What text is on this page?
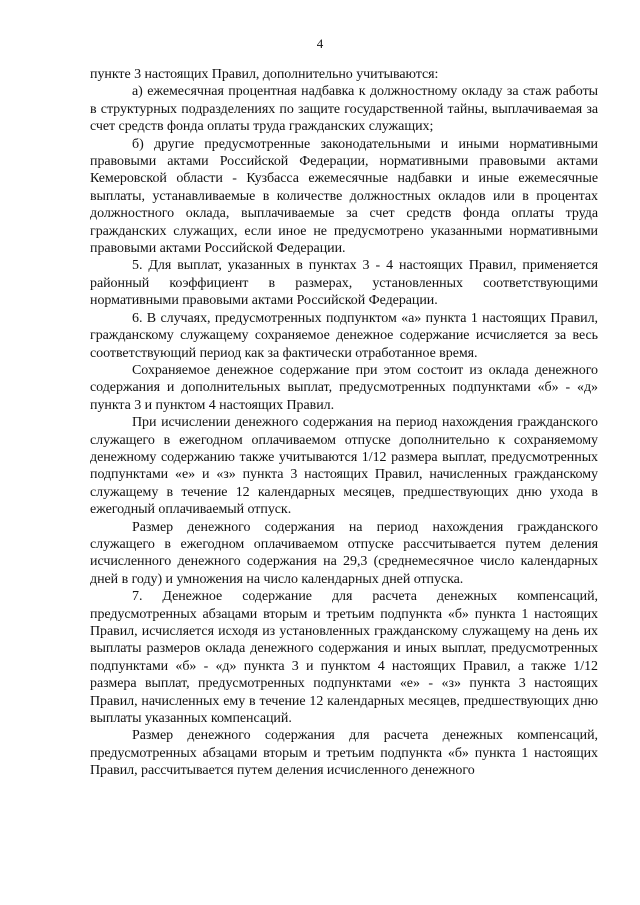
4

пункте 3 настоящих Правил, дополнительно учитываются:

а) ежемесячная процентная надбавка к должностному окладу за стаж работы в структурных подразделениях по защите государственной тайны, выплачиваемая за счет средств фонда оплаты труда гражданских служащих;

б) другие предусмотренные законодательными и иными нормативными правовыми актами Российской Федерации, нормативными правовыми актами Кемеровской области - Кузбасса ежемесячные надбавки и иные ежемесячные выплаты, устанавливаемые в количестве должностных окладов или в процентах должностного оклада, выплачиваемые за счет средств фонда оплаты труда гражданских служащих, если иное не предусмотрено указанными нормативными правовыми актами Российской Федерации.

5. Для выплат, указанных в пунктах 3 - 4 настоящих Правил, применяется районный коэффициент в размерах, установленных соответствующими нормативными правовыми актами Российской Федерации.

6. В случаях, предусмотренных подпунктом «а» пункта 1 настоящих Правил, гражданскому служащему сохраняемое денежное содержание исчисляется за весь соответствующий период как за фактически отработанное время.

Сохраняемое денежное содержание при этом состоит из оклада денежного содержания и дополнительных выплат, предусмотренных подпунктами «б» - «д» пункта 3 и пунктом 4 настоящих Правил.

При исчислении денежного содержания на период нахождения гражданского служащего в ежегодном оплачиваемом отпуске дополнительно к сохраняемому денежному содержанию также учитываются 1/12 размера выплат, предусмотренных подпунктами «е» и «з» пункта 3 настоящих Правил, начисленных гражданскому служащему в течение 12 календарных месяцев, предшествующих дню ухода в ежегодный оплачиваемый отпуск.

Размер денежного содержания на период нахождения гражданского служащего в ежегодном оплачиваемом отпуске рассчитывается путем деления исчисленного денежного содержания на 29,3 (среднемесячное число календарных дней в году) и умножения на число календарных дней отпуска.

7. Денежное содержание для расчета денежных компенсаций, предусмотренных абзацами вторым и третьим подпункта «б» пункта 1 настоящих Правил, исчисляется исходя из установленных гражданскому служащему на день их выплаты размеров оклада денежного содержания и иных выплат, предусмотренных подпунктами «б» - «д» пункта 3 и пунктом 4 настоящих Правил, а также 1/12 размера выплат, предусмотренных подпунктами «е» - «з» пункта 3 настоящих Правил, начисленных ему в течение 12 календарных месяцев, предшествующих дню выплаты указанных компенсаций.

Размер денежного содержания для расчета денежных компенсаций, предусмотренных абзацами вторым и третьим подпункта «б» пункта 1 настоящих Правил, рассчитывается путем деления исчисленного денежного
